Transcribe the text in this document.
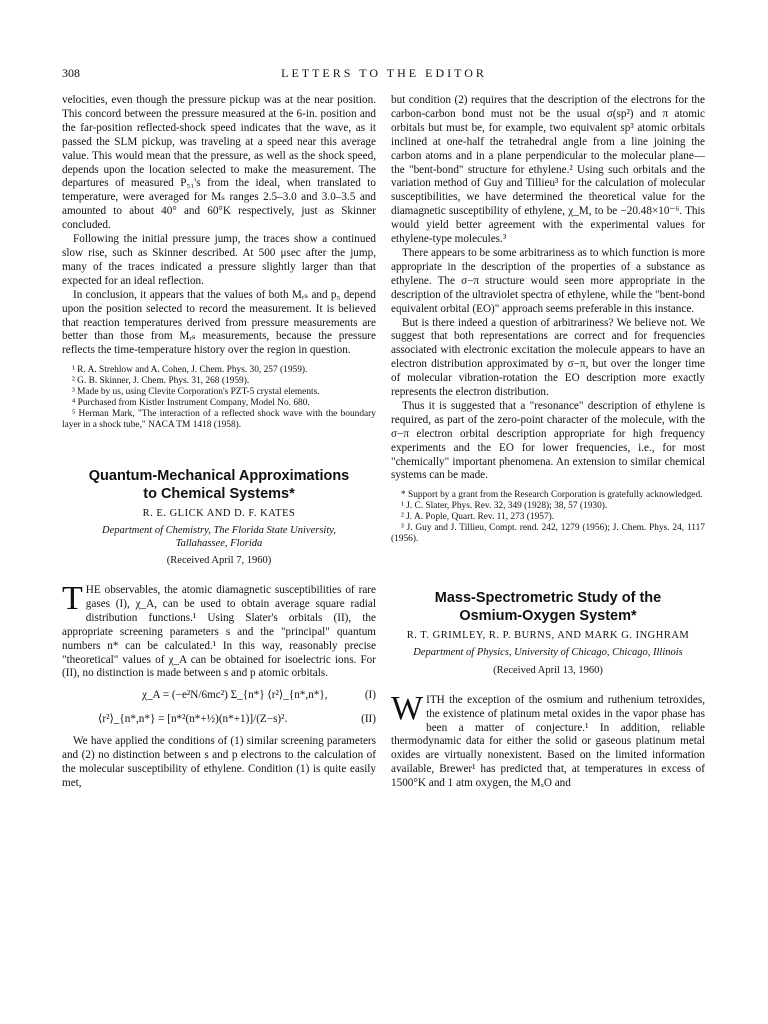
308	LETTERS TO THE EDITOR

velocities, even though the pressure pickup was at the near position. This concord between the pressure measured at the 6-in. position and the far-position reflected-shock speed indicates that the wave, as it passed the SLM pickup, was traveling at a speed near this average value. This would mean that the pressure, as well as the shock speed, depends upon the location selected to make the measurement. The departures of measured P₅₁'s from the ideal, when translated to temperature, were averaged for Mₛ ranges 2.5–3.0 and 3.0–3.5 and amounted to about 40° and 60°K respectively, just as Skinner concluded.

Following the initial pressure jump, the traces show a continued slow rise, such as Skinner described. At 500 μsec after the jump, many of the traces indicated a pressure slightly larger than that expected for an ideal reflection.

In conclusion, it appears that the values of both Mᵣₛ and p₅ depend upon the position selected to record the measurement. It is believed that reaction temperatures derived from pressure measurements are better than those from Mᵣₛ measurements, because the pressure reflects the time-temperature history over the region in question.

¹ R. A. Strehlow and A. Cohen, J. Chem. Phys. 30, 257 (1959).
² G. B. Skinner, J. Chem. Phys. 31, 268 (1959).
³ Made by us, using Clevite Corporation's PZT-5 crystal elements.
⁴ Purchased from Kistler Instrument Company, Model No. 680.
⁵ Herman Mark, "The interaction of a reflected shock wave with the boundary layer in a shock tube," NACA TM 1418 (1958).
Quantum-Mechanical Approximations
to Chemical Systems*
R. E. GLICK AND D. F. KATES
Department of Chemistry, The Florida State University,
Tallahassee, Florida
(Received April 7, 1960)

THE observables, the atomic diamagnetic susceptibilities of rare gases (I), χ_A, can be used to obtain average square radial distribution functions.¹ Using Slater's orbitals (II), the appropriate screening parameters s and the "principal" quantum numbers n* can be calculated.¹ In this way, reasonably precise "theoretical" values of χ_A can be obtained for isoelectric ions. For (II), no distinction is made between s and p atomic orbitals.

χ_A = (−e²N/6mc²) Σ_{n*} ⟨r²⟩_{n*,n*},	(I)
⟨r²⟩_{n*,n*} = [n*²(n*+½)(n*+1)]/(Z−s)².	(II)

We have applied the conditions of (1) similar screening parameters and (2) no distinction between s and p electrons to the calculation of the molecular susceptibility of ethylene. Condition (1) is quite easily met,

but condition (2) requires that the description of the electrons for the carbon-carbon bond must not be the usual σ(sp²) and π atomic orbitals but must be, for example, two equivalent sp³ atomic orbitals inclined at one-half the tetrahedral angle from a line joining the carbon atoms and in a plane perpendicular to the molecular plane—the "bent-bond" structure for ethylene.² Using such orbitals and the variation method of Guy and Tillieu³ for the calculation of molecular susceptibilities, we have determined the theoretical value for the diamagnetic susceptibility of ethylene, χ_M, to be −20.48×10⁻⁶. This would yield better agreement with the experimental values for ethylene-type molecules.³

There appears to be some arbitrariness as to which function is more appropriate in the description of the properties of a substance as ethylene. The σ−π structure would seen more appropriate in the description of the ultraviolet spectra of ethylene, while the "bent-bond equivalent orbital (EO)" approach seems preferable in this instance.

But is there indeed a question of arbitrariness? We believe not. We suggest that both representations are correct and for frequencies associated with electronic excitation the molecule appears to have an electron distribution approximated by σ−π, but over the longer time of molecular vibration-rotation the EO description more exactly represents the electron distribution.

Thus it is suggested that a "resonance" description of ethylene is required, as part of the zero-point character of the molecule, with the σ−π electron orbital description appropriate for high frequency experiments and the EO for lower frequencies, i.e., for most "chemically" important phenomena. An extension to similar chemical systems can be made.

* Support by a grant from the Research Corporation is gratefully acknowledged.
¹ J. C. Slater, Phys. Rev. 32, 349 (1928); 38, 57 (1930).
² J. A. Pople, Quart. Rev. 11, 273 (1957).
³ J. Guy and J. Tillieu, Compt. rend. 242, 1279 (1956); J. Chem. Phys. 24, 1117 (1956).
Mass-Spectrometric Study of the
Osmium-Oxygen System*
R. T. GRIMLEY, R. P. BURNS, AND MARK G. INGHRAM
Department of Physics, University of Chicago, Chicago, Illinois
(Received April 13, 1960)

WITH the exception of the osmium and ruthenium tetroxides, the existence of platinum metal oxides in the vapor phase has been a matter of conjecture.¹ In addition, reliable thermodynamic data for either the solid or gaseous platinum metal oxides are virtually nonexistent. Based on the limited information available, Brewer¹ has predicted that, at temperatures in excess of 1500°K and 1 atm oxygen, the MₓO and
